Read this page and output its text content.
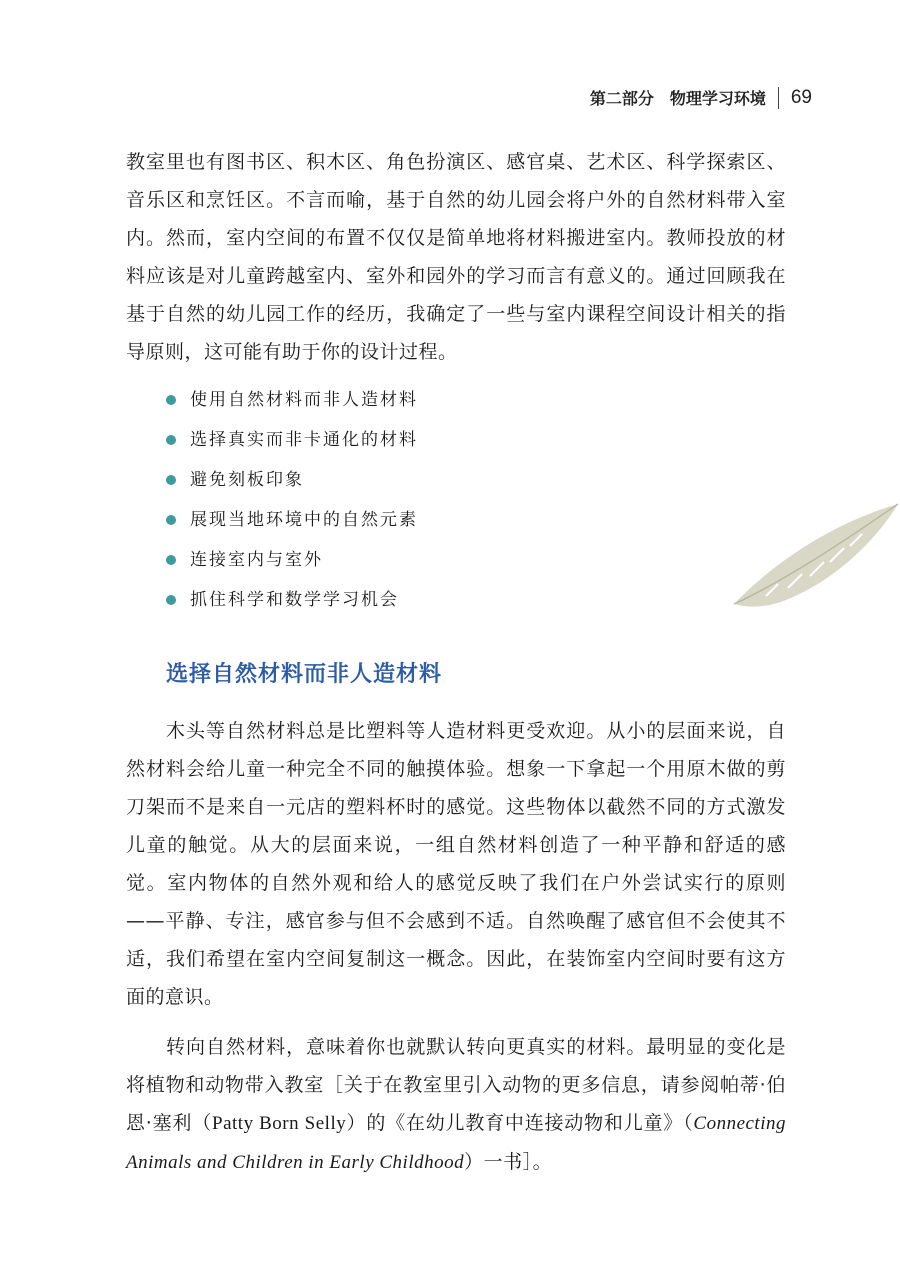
第二部分　物理学习环境 69

教室里也有图书区、积木区、角色扮演区、感官桌、艺术区、科学探索区、音乐区和烹饪区。不言而喻，基于自然的幼儿园会将户外的自然材料带入室内。然而，室内空间的布置不仅仅是简单地将材料搬进室内。教师投放的材料应该是对儿童跨越室内、室外和园外的学习而言有意义的。通过回顾我在基于自然的幼儿园工作的经历，我确定了一些与室内课程空间设计相关的指导原则，这可能有助于你的设计过程。

使用自然材料而非人造材料
选择真实而非卡通化的材料
避免刻板印象
展现当地环境中的自然元素
连接室内与室外
抓住科学和数学学习机会
选择自然材料而非人造材料

木头等自然材料总是比塑料等人造材料更受欢迎。从小的层面来说，自然材料会给儿童一种完全不同的触摸体验。想象一下拿起一个用原木做的剪刀架而不是来自一元店的塑料杯时的感觉。这些物体以截然不同的方式激发儿童的触觉。从大的层面来说，一组自然材料创造了一种平静和舒适的感觉。室内物体的自然外观和给人的感觉反映了我们在户外尝试实行的原则——平静、专注，感官参与但不会感到不适。自然唤醒了感官但不会使其不适，我们希望在室内空间复制这一概念。因此，在装饰室内空间时要有这方面的意识。

转向自然材料，意味着你也就默认转向更真实的材料。最明显的变化是将植物和动物带入教室［关于在教室里引入动物的更多信息，请参阅帕蒂·伯恩·塞利（Patty Born Selly）的《在幼儿教育中连接动物和儿童》（Connecting Animals and Children in Early Childhood）一书］。
